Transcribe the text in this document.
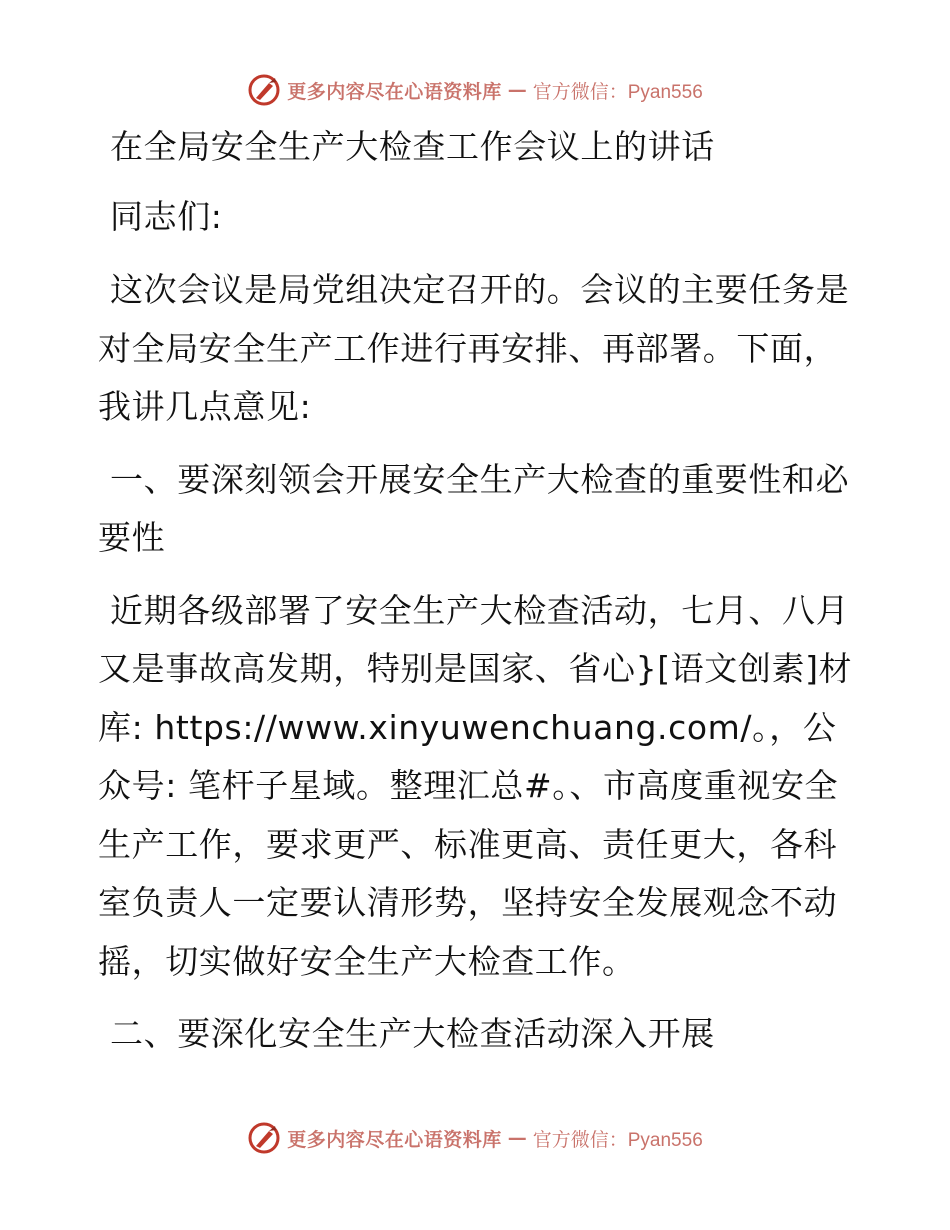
更多内容尽在心语资料库 — 官方微信：Pyan556

在全局安全生产大检查工作会议上的讲话

同志们:

这次会议是局党组决定召开的。会议的主要任务是对全局安全生产工作进行再安排、再部署。下面，我讲几点意见:

一、要深刻领会开展安全生产大检查的重要性和必要性

近期各级部署了安全生产大检查活动，七月、八月又是事故高发期，特别是国家、省心}[语文创素]材库: https://www.xinyuwenchuang.com/。，公众号: 笔杆子星域。整理汇总#。、市高度重视安全生产工作，要求更严、标准更高、责任更大，各科室负责人一定要认清形势，坚持安全发展观念不动摇，切实做好安全生产大检查工作。

二、要深化安全生产大检查活动深入开展

更多内容尽在心语资料库 — 官方微信：Pyan556
